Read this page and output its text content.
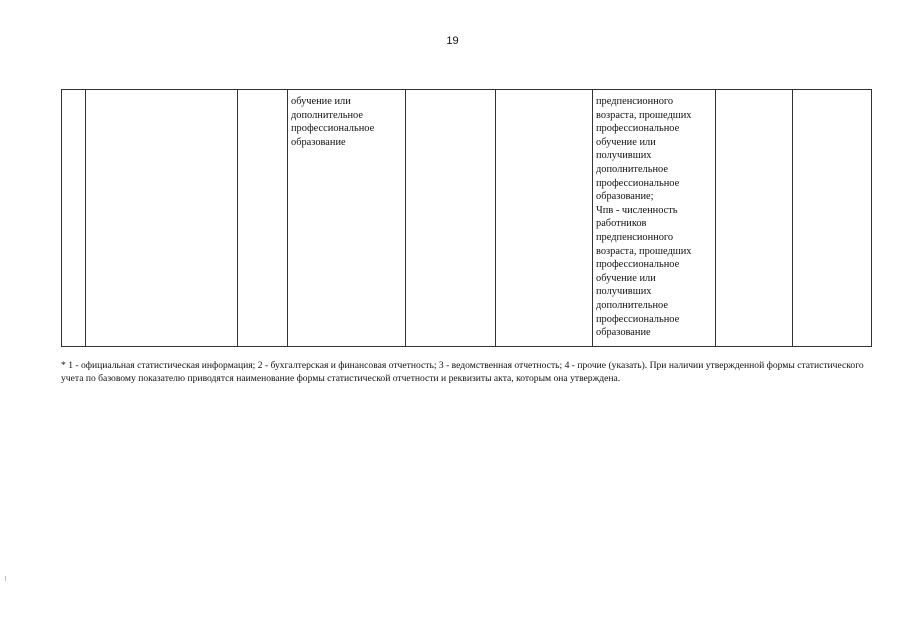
19
			обучение или
дополнительное
профессиональное
образование			предпенсионного
возраста, прошедших
профессиональное
обучение или
получивших
дополнительное
профессиональное
образование;
Чпв - численность
работников
предпенсионного
возраста, прошедших
профессиональное
обучение или
получивших
дополнительное
профессиональное
образование		
* 1 - официальная статистическая информация; 2 - бухгалтерская и финансовая отчетность; 3 - ведомственная отчетность; 4 - прочие (указать). При наличии утвержденной формы статистического учета по базовому показателю приводятся наименование формы статистической отчетности и реквизиты акта, которым она утверждена.
